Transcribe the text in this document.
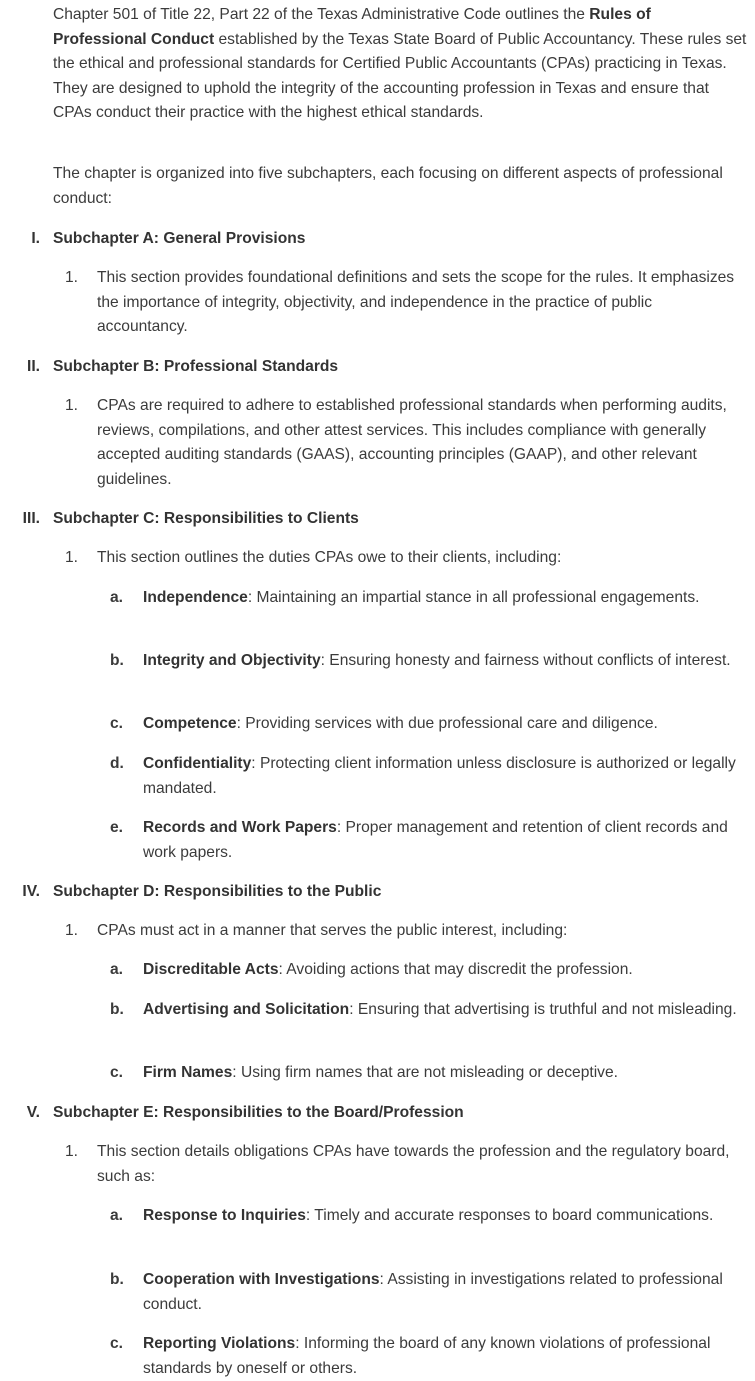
Chapter 501 of Title 22, Part 22 of the Texas Administrative Code outlines the Rules of Professional Conduct established by the Texas State Board of Public Accountancy. These rules set the ethical and professional standards for Certified Public Accountants (CPAs) practicing in Texas. They are designed to uphold the integrity of the accounting profession in Texas and ensure that CPAs conduct their practice with the highest ethical standards.

The chapter is organized into five subchapters, each focusing on different aspects of professional conduct:

I. Subchapter A: General Provisions
1. This section provides foundational definitions and sets the scope for the rules. It emphasizes the importance of integrity, objectivity, and independence in the practice of public accountancy.
II. Subchapter B: Professional Standards
1. CPAs are required to adhere to established professional standards when performing audits, reviews, compilations, and other attest services. This includes compliance with generally accepted auditing standards (GAAS), accounting principles (GAAP), and other relevant guidelines.
III. Subchapter C: Responsibilities to Clients
1. This section outlines the duties CPAs owe to their clients, including:
a. Independence: Maintaining an impartial stance in all professional engagements.
b. Integrity and Objectivity: Ensuring honesty and fairness without conflicts of interest.
c. Competence: Providing services with due professional care and diligence.
d. Confidentiality: Protecting client information unless disclosure is authorized or legally mandated.
e. Records and Work Papers: Proper management and retention of client records and work papers.
IV. Subchapter D: Responsibilities to the Public
1. CPAs must act in a manner that serves the public interest, including:
a. Discreditable Acts: Avoiding actions that may discredit the profession.
b. Advertising and Solicitation: Ensuring that advertising is truthful and not misleading.
c. Firm Names: Using firm names that are not misleading or deceptive.
V. Subchapter E: Responsibilities to the Board/Profession
1. This section details obligations CPAs have towards the profession and the regulatory board, such as:
a. Response to Inquiries: Timely and accurate responses to board communications.
b. Cooperation with Investigations: Assisting in investigations related to professional conduct.
c. Reporting Violations: Informing the board of any known violations of professional standards by oneself or others.
